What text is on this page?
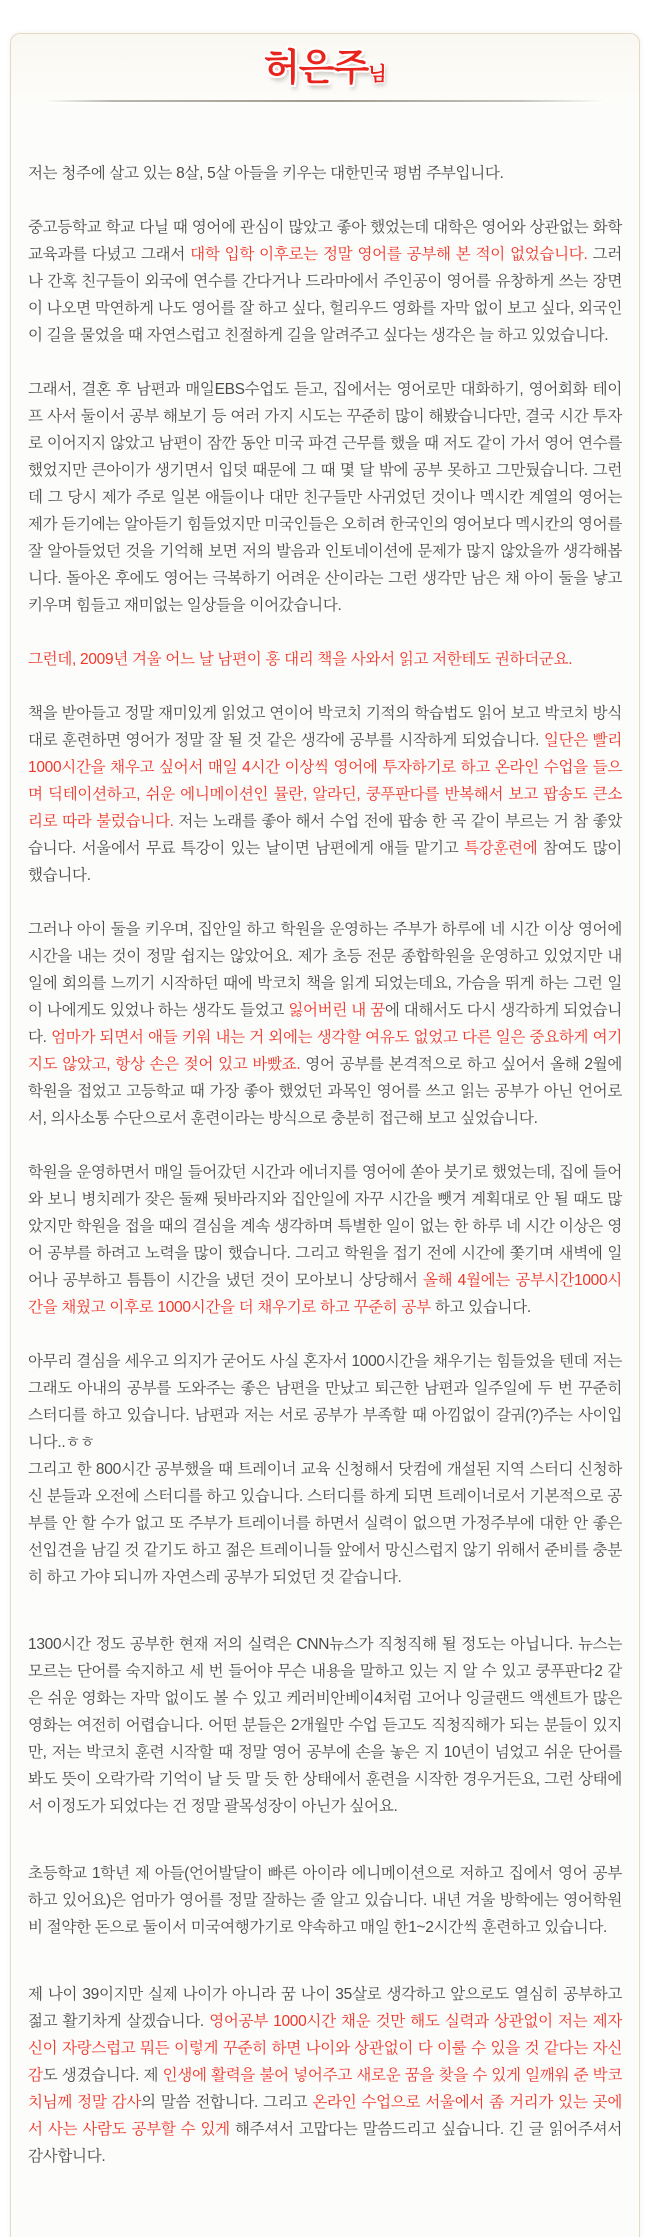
허은주님

저는 청주에 살고 있는 8살, 5살 아들을 키우는 대한민국 평범 주부입니다.

중고등학교 학교 다닐 때 영어에 관심이 많았고 좋아 했었는데 대학은 영어와 상관없는 화학교육과를 다녔고 그래서 대학 입학 이후로는 정말 영어를 공부해 본 적이 없었습니다. 그러나 간혹 친구들이 외국에 연수를 간다거나 드라마에서 주인공이 영어를 유창하게 쓰는 장면이 나오면 막연하게 나도 영어를 잘 하고 싶다, 헐리우드 영화를 자막 없이 보고 싶다, 외국인이 길을 물었을 때 자연스럽고 친절하게 길을 알려주고 싶다는 생각은 늘 하고 있었습니다.

그래서, 결혼 후 남편과 매일EBS수업도 듣고, 집에서는 영어로만 대화하기, 영어회화 테이프 사서 둘이서 공부 해보기 등 여러 가지 시도는 꾸준히 많이 해봤습니다만, 결국 시간 투자로 이어지지 않았고 남편이 잠깐 동안 미국 파견 근무를 했을 때 저도 같이 가서 영어 연수를 했었지만 큰아이가 생기면서 입덧 때문에 그 때 몇 달 밖에 공부 못하고 그만뒀습니다. 그런데 그 당시 제가 주로 일본 애들이나 대만 친구들만 사귀었던 것이나 멕시칸 계열의 영어는 제가 듣기에는 알아듣기 힘들었지만 미국인들은 오히려 한국인의 영어보다 멕시칸의 영어를 잘 알아들었던 것을 기억해 보면 저의 발음과 인토네이션에 문제가 많지 않았을까 생각해봅니다. 돌아온 후에도 영어는 극복하기 어려운 산이라는 그런 생각만 남은 채 아이 둘을 낳고 키우며 힘들고 재미없는 일상들을 이어갔습니다.

그런데, 2009년 겨울 어느 날 남편이 홍 대리 책을 사와서 읽고 저한테도 권하더군요.

책을 받아들고 정말 재미있게 읽었고 연이어 박코치 기적의 학습법도 읽어 보고 박코치 방식대로 훈련하면 영어가 정말 잘 될 것 같은 생각에 공부를 시작하게 되었습니다. 일단은 빨리 1000시간을 채우고 싶어서 매일 4시간 이상씩 영어에 투자하기로 하고 온라인 수업을 들으며 딕테이션하고, 쉬운 에니메이션인 뮬란, 알라딘, 쿵푸판다를 반복해서 보고 팝송도 큰소리로 따라 불렀습니다. 저는 노래를 좋아 해서 수업 전에 팝송 한 곡 같이 부르는 거 참 좋았습니다. 서울에서 무료 특강이 있는 날이면 남편에게 애들 맡기고 특강훈련에 참여도 많이 했습니다.

그러나 아이 둘을 키우며, 집안일 하고 학원을 운영하는 주부가 하루에 네 시간 이상 영어에 시간을 내는 것이 정말 쉽지는 않았어요. 제가 초등 전문 종합학원을 운영하고 있었지만 내일에 회의를 느끼기 시작하던 때에 박코치 책을 읽게 되었는데요, 가슴을 뛰게 하는 그런 일이 나에게도 있었나 하는 생각도 들었고 잃어버린 내 꿈에 대해서도 다시 생각하게 되었습니다. 엄마가 되면서 애들 키워 내는 거 외에는 생각할 여유도 없었고 다른 일은 중요하게 여기지도 않았고, 항상 손은 젖어 있고 바빴죠. 영어 공부를 본격적으로 하고 싶어서 올해 2월에 학원을 접었고 고등학교 때 가장 좋아 했었던 과목인 영어를 쓰고 읽는 공부가 아닌 언어로서, 의사소통 수단으로서 훈련이라는 방식으로 충분히 접근해 보고 싶었습니다.

학원을 운영하면서 매일 들어갔던 시간과 에너지를 영어에 쏟아 붓기로 했었는데, 집에 들어와 보니 병치레가 잦은 둘째 뒷바라지와 집안일에 자꾸 시간을 뺏겨 계획대로 안 될 때도 많았지만 학원을 접을 때의 결심을 계속 생각하며 특별한 일이 없는 한 하루 네 시간 이상은 영어 공부를 하려고 노력을 많이 했습니다. 그리고 학원을 접기 전에 시간에 쫓기며 새벽에 일어나 공부하고 틈틈이 시간을 냈던 것이 모아보니 상당해서 올해 4월에는 공부시간1000시간을 채웠고 이후로 1000시간을 더 채우기로 하고 꾸준히 공부 하고 있습니다.

아무리 결심을 세우고 의지가 굳어도 사실 혼자서 1000시간을 채우기는 힘들었을 텐데 저는 그래도 아내의 공부를 도와주는 좋은 남편을 만났고 퇴근한 남편과 일주일에 두 번 꾸준히 스터디를 하고 있습니다. 남편과 저는 서로 공부가 부족할 때 아낌없이 갈궈(?)주는 사이입니다..ㅎㅎ
그리고 한 800시간 공부했을 때 트레이너 교육 신청해서 닷컴에 개설된 지역 스터디 신청하신 분들과 오전에 스터디를 하고 있습니다. 스터디를 하게 되면 트레이너로서 기본적으로 공부를 안 할 수가 없고 또 주부가 트레이너를 하면서 실력이 없으면 가정주부에 대한 안 좋은 선입견을 남길 것 같기도 하고 젊은 트레이니들 앞에서 망신스럽지 않기 위해서 준비를 충분히 하고 가야 되니까 자연스레 공부가 되었던 것 같습니다.

1300시간 정도 공부한 현재 저의 실력은 CNN뉴스가 직청직해 될 정도는 아닙니다. 뉴스는 모르는 단어를 숙지하고 세 번 들어야 무슨 내용을 말하고 있는 지 알 수 있고 쿵푸판다2 같은 쉬운 영화는 자막 없이도 볼 수 있고 케러비안베이4처럼 고어나 잉글랜드 액센트가 많은 영화는 여전히 어렵습니다. 어떤 분들은 2개월만 수업 듣고도 직청직해가 되는 분들이 있지만, 저는 박코치 훈련 시작할 때 정말 영어 공부에 손을 놓은 지 10년이 넘었고 쉬운 단어를 봐도 뜻이 오락가락 기억이 날 듯 말 듯 한 상태에서 훈련을 시작한 경우거든요, 그런 상태에서 이정도가 되었다는 건 정말 괄목성장이 아닌가 싶어요.

초등학교 1학년 제 아들(언어발달이 빠른 아이라 에니메이션으로 저하고 집에서 영어 공부 하고 있어요)은 엄마가 영어를 정말 잘하는 줄 알고 있습니다. 내년 겨울 방학에는 영어학원비 절약한 돈으로 둘이서 미국여행가기로 약속하고 매일 한1~2시간씩 훈련하고 있습니다.

제 나이 39이지만 실제 나이가 아니라 꿈 나이 35살로 생각하고 앞으로도 열심히 공부하고 젊고 활기차게 살겠습니다. 영어공부 1000시간 채운 것만 해도 실력과 상관없이 저는 제자신이 자랑스럽고 뭐든 이렇게 꾸준히 하면 나이와 상관없이 다 이룰 수 있을 것 같다는 자신감도 생겼습니다. 제 인생에 활력을 불어 넣어주고 새로운 꿈을 찾을 수 있게 일깨워 준 박코치님께 정말 감사의 말씀 전합니다. 그리고 온라인 수업으로 서울에서 좀 거리가 있는 곳에서 사는 사람도 공부할 수 있게 해주셔서 고맙다는 말씀드리고 싶습니다. 긴 글 읽어주셔서 감사합니다.
